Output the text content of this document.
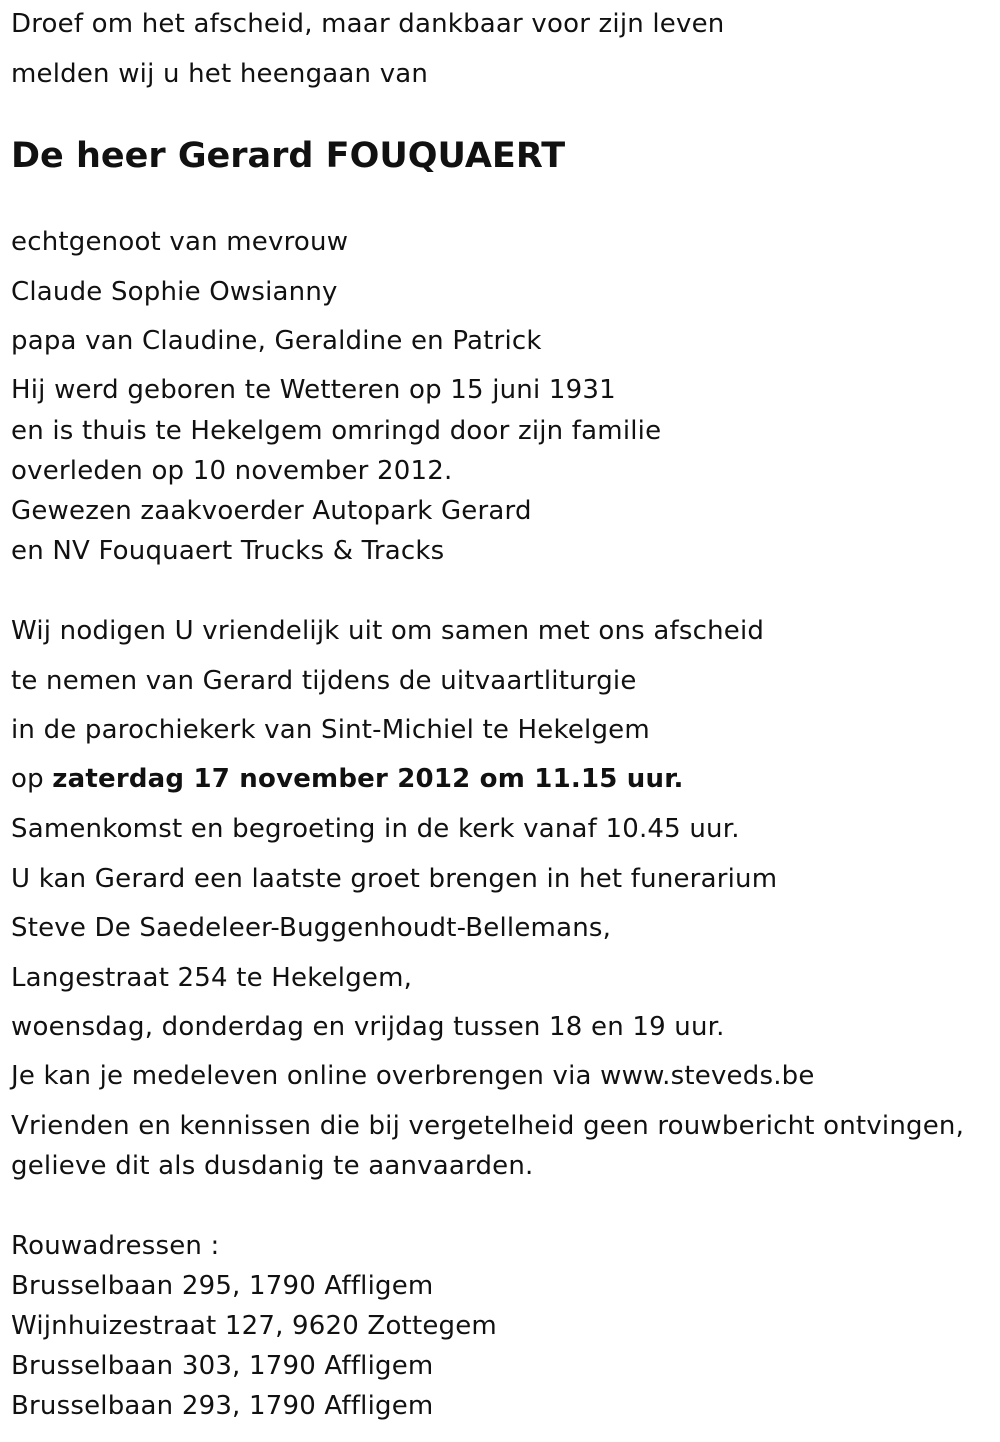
Droef om het afscheid, maar dankbaar voor zijn leven

melden wij u het heengaan van

De heer Gerard FOUQUAERT

echtgenoot van mevrouw

Claude Sophie Owsianny

papa van Claudine, Geraldine en Patrick

Hij werd geboren te Wetteren op 15 juni 1931

en is thuis te Hekelgem omringd door zijn familie

overleden op 10 november 2012.

Gewezen zaakvoerder Autopark Gerard

en NV Fouquaert Trucks & Tracks

Wij nodigen U vriendelijk uit om samen met ons afscheid

te nemen van Gerard tijdens de uitvaartliturgie

in de parochiekerk van Sint-Michiel te Hekelgem

op zaterdag 17 november 2012 om 11.15 uur.

Samenkomst en begroeting in de kerk vanaf 10.45 uur.

U kan Gerard een laatste groet brengen in het funerarium

Steve De Saedeleer-Buggenhoudt-Bellemans,

Langestraat 254 te Hekelgem,

woensdag, donderdag en vrijdag tussen 18 en 19 uur.

Je kan je medeleven online overbrengen via www.steveds.be

Vrienden en kennissen die bij vergetelheid geen rouwbericht ontvingen,

gelieve dit als dusdanig te aanvaarden.

Rouwadressen :

Brusselbaan 295, 1790 Affligem

Wijnhuizestraat 127, 9620 Zottegem

Brusselbaan 303, 1790 Affligem

Brusselbaan 293, 1790 Affligem
